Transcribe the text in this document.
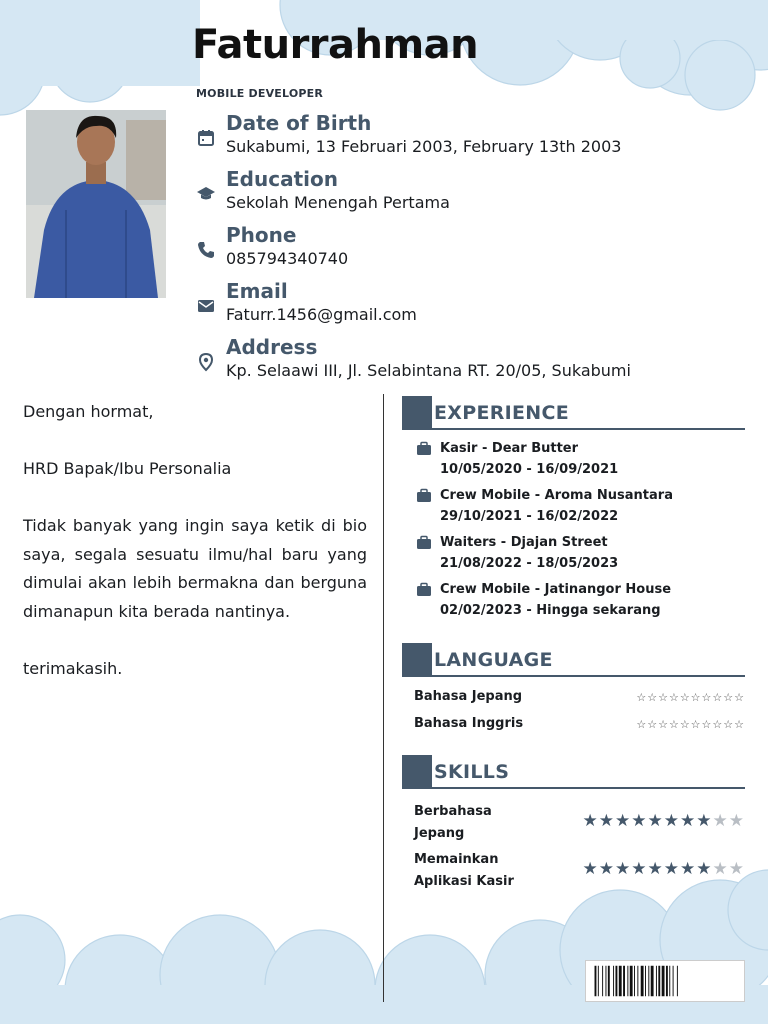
Faturrahman
MOBILE DEVELOPER
Date of Birth
Sukabumi, 13 Februari 2003, February 13th 2003
Education
Sekolah Menengah Pertama
Phone
085794340740
Email
Faturr.1456@gmail.com
Address
Kp. Selaawi III, Jl. Selabintana RT. 20/05, Sukabumi

Dengan hormat,

HRD Bapak/Ibu Personalia

Tidak banyak yang ingin saya ketik di bio saya, segala sesuatu ilmu/hal baru yang dimulai akan lebih bermakna dan berguna dimanapun kita berada nantinya.

terimakasih.

EXPERIENCE
Kasir - Dear Butter
10/05/2020 - 16/09/2021
Crew Mobile - Aroma Nusantara
29/10/2021 - 16/02/2022
Waiters - Djajan Street
21/08/2022 - 18/05/2023
Crew Mobile - Jatinangor House
02/02/2023 - Hingga sekarang
LANGUAGE
Bahasa Jepang	☆☆☆☆☆☆☆☆☆☆
Bahasa Inggris	☆☆☆☆☆☆☆☆☆☆
SKILLS
Berbahasa Jepang
★★★★★★★★★★
Memainkan Aplikasi Kasir
★★★★★★★★★★
